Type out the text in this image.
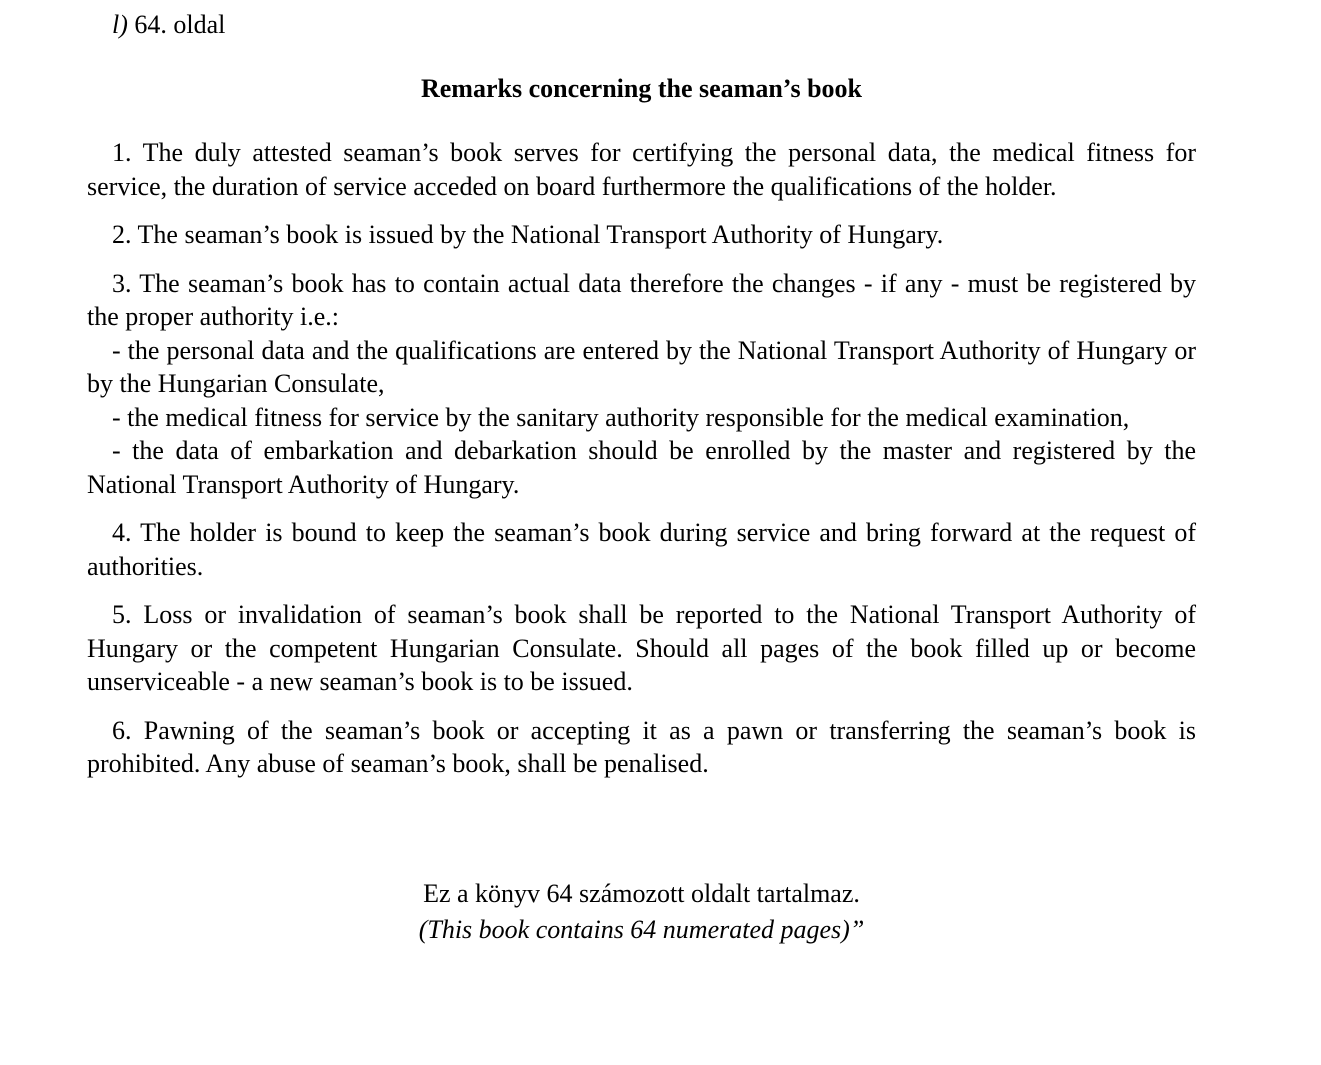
l) 64. oldal
Remarks concerning the seaman’s book

1. The duly attested seaman’s book serves for certifying the personal data, the medical fitness for service, the duration of service acceded on board furthermore the qualifications of the holder.

2. The seaman’s book is issued by the National Transport Authority of Hungary.

3. The seaman’s book has to contain actual data therefore the changes - if any - must be registered by the proper authority i.e.:
- the personal data and the qualifications are entered by the National Transport Authority of Hungary or by the Hungarian Consulate,
- the medical fitness for service by the sanitary authority responsible for the medical examination,
- the data of embarkation and debarkation should be enrolled by the master and registered by the National Transport Authority of Hungary.

4. The holder is bound to keep the seaman’s book during service and bring forward at the request of authorities.

5. Loss or invalidation of seaman’s book shall be reported to the National Transport Authority of Hungary or the competent Hungarian Consulate. Should all pages of the book filled up or become unserviceable - a new seaman’s book is to be issued.

6. Pawning of the seaman’s book or accepting it as a pawn or transferring the seaman’s book is prohibited. Any abuse of seaman’s book, shall be penalised.

Ez a könyv 64 számozott oldalt tartalmaz.
(This book contains 64 numerated pages)”
